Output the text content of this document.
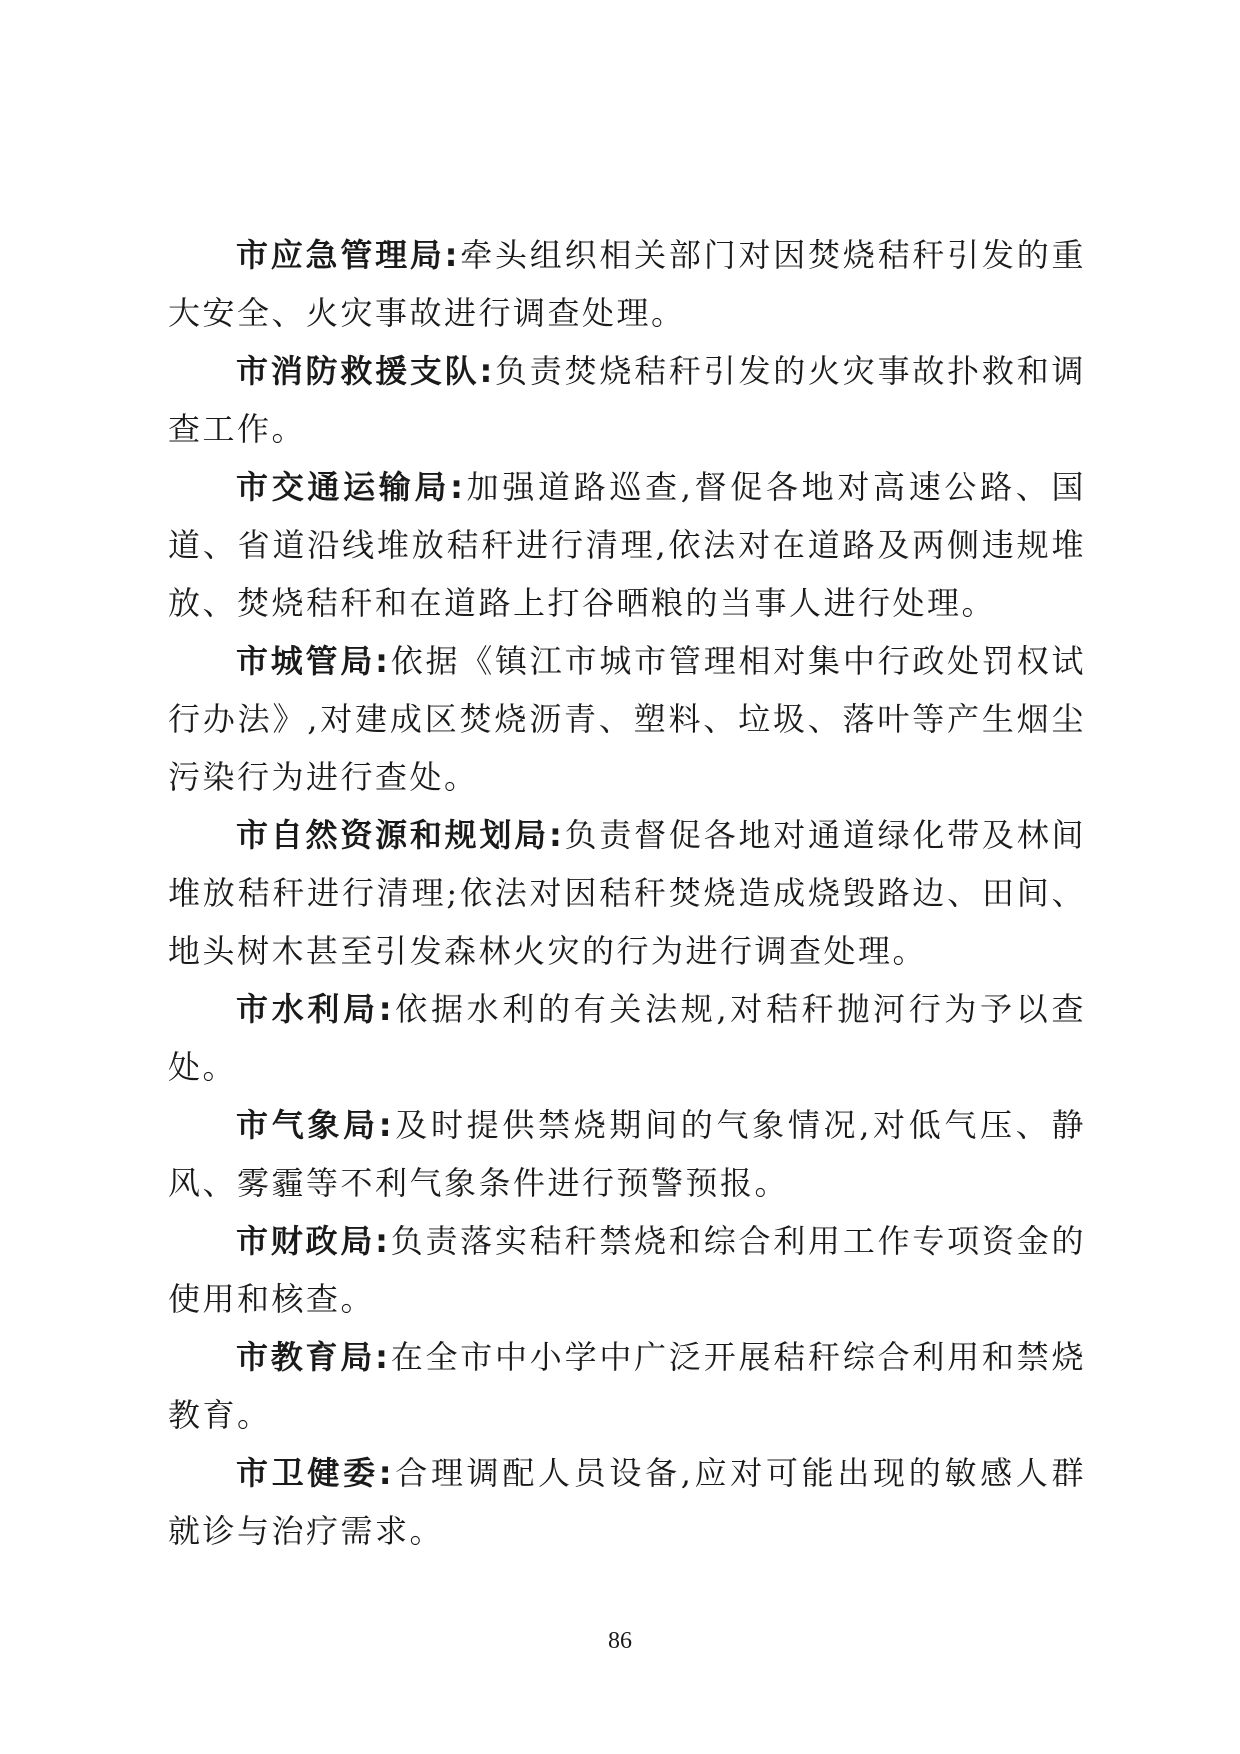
市应急管理局:牵头组织相关部门对因焚烧秸秆引发的重大安全、火灾事故进行调查处理。

市消防救援支队:负责焚烧秸秆引发的火灾事故扑救和调查工作。

市交通运输局:加强道路巡查,督促各地对高速公路、国道、省道沿线堆放秸秆进行清理,依法对在道路及两侧违规堆放、焚烧秸秆和在道路上打谷晒粮的当事人进行处理。

市城管局:依据《镇江市城市管理相对集中行政处罚权试行办法》,对建成区焚烧沥青、塑料、垃圾、落叶等产生烟尘污染行为进行查处。

市自然资源和规划局:负责督促各地对通道绿化带及林间堆放秸秆进行清理;依法对因秸秆焚烧造成烧毁路边、田间、地头树木甚至引发森林火灾的行为进行调查处理。

市水利局:依据水利的有关法规,对秸秆抛河行为予以查处。

市气象局:及时提供禁烧期间的气象情况,对低气压、静风、雾霾等不利气象条件进行预警预报。

市财政局:负责落实秸秆禁烧和综合利用工作专项资金的使用和核查。

市教育局:在全市中小学中广泛开展秸秆综合利用和禁烧教育。

市卫健委:合理调配人员设备,应对可能出现的敏感人群就诊与治疗需求。

86
